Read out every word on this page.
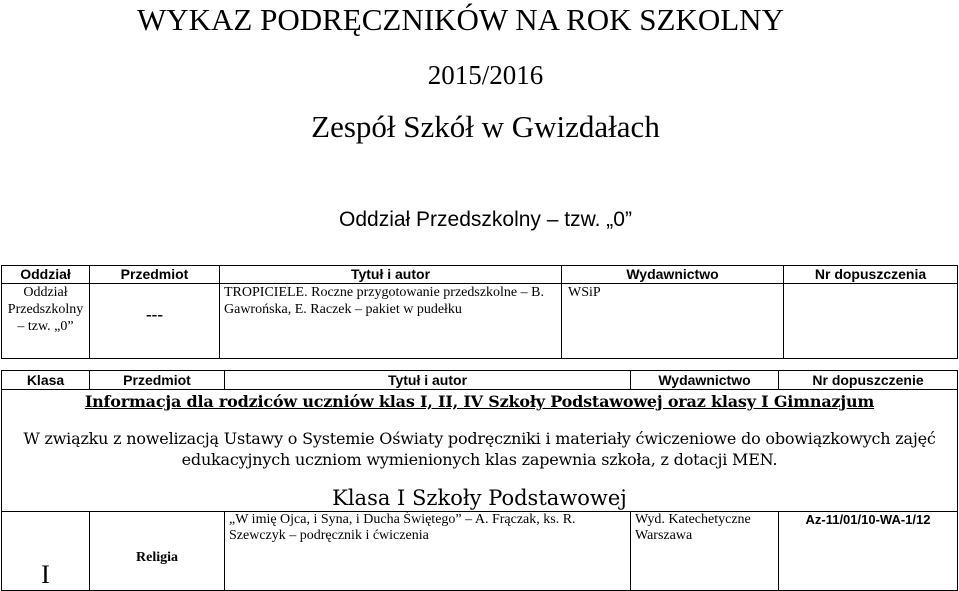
WYKAZ PODRĘCZNIKÓW NA ROK SZKOLNY
2015/2016
Zespół Szkół w Gwizdałach
Oddział Przedszkolny – tzw. „0”
Oddział	Przedmiot	Tytuł i autor	Wydawnictwo	Nr dopuszczenia
Oddział Przedszkolny – tzw. „0”	---	TROPICIELE. Roczne przygotowanie przedszkolne – B. Gawrońska, E. Raczek – pakiet w pudełku	WSiP	
Klasa	Przedmiot	Tytuł i autor	Wydawnictwo	Nr dopuszczenie

Informacja dla rodziców uczniów klas I, II, IV Szkoły Podstawowej oraz klasy I Gimnazjum
W związku z nowelizacją Ustawy o Systemie Oświaty podręczniki i materiały ćwiczeniowe do obowiązkowych zajęć edukacyjnych uczniom wymienionych klas zapewnia szkoła, z dotacji MEN.
Klasa I Szkoły Podstawowej				

I	Religia	„W imię Ojca, i Syna, i Ducha Świętego” – A. Frączak, ks. R. Szewczyk – podręcznik i ćwiczenia	Wyd. Katechetyczne Warszawa	Az-11/01/10-WA-1/12
